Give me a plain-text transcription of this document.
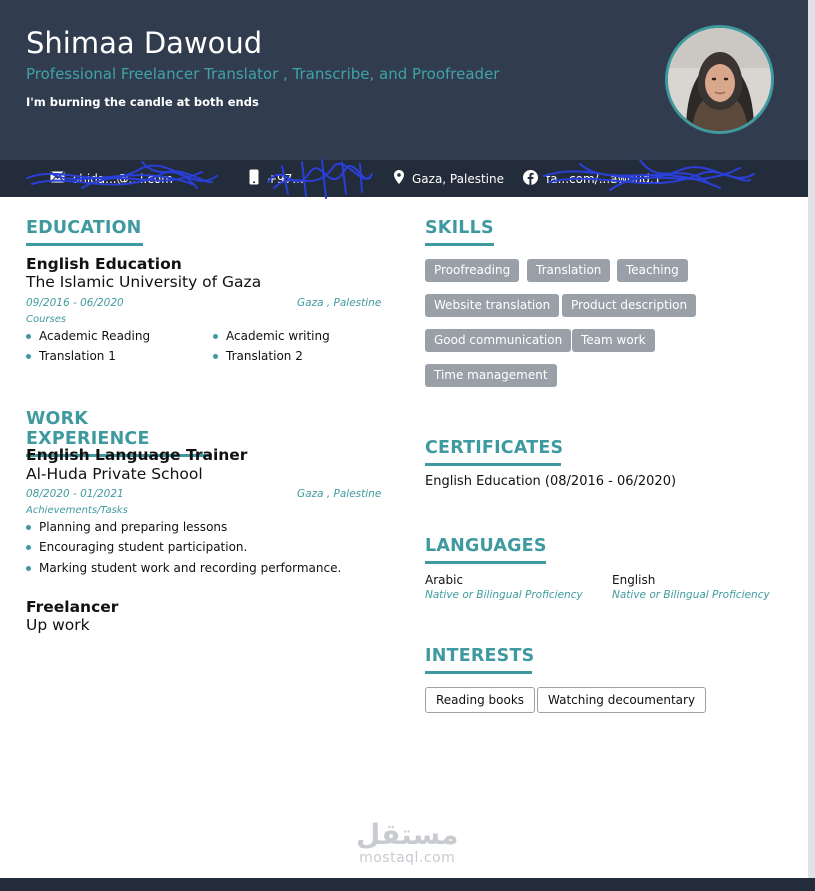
Shimaa Dawoud
Professional Freelancer Translator , Transcribe, and Proofreader
I'm burning the candle at both ends
shida...@...l.com	+97...	Gaza, Palestine	fa...com/...awoud.1
EDUCATION
English Education
The Islamic University of Gaza
09/2016 - 06/2020	Gaza , Palestine
Courses
Academic Reading	Academic writing
Translation 1	Translation 2
WORK EXPERIENCE
English Language Trainer
Al-Huda Private School
08/2020 - 01/2021	Gaza , Palestine
Achievements/Tasks
Planning and preparing lessons
Encouraging student participation.
Marking student work and recording performance.
Freelancer
Up work
SKILLS
Proofreading	Translation	Teaching
Website translation	Product description
Good communication	Team work
Time management
CERTIFICATES
English Education (08/2016 - 06/2020)
LANGUAGES
Arabic
Native or Bilingual Proficiency
English
Native or Bilingual Proficiency
INTERESTS
Reading books	Watching decoumentary
مستقل
mostaql.com
